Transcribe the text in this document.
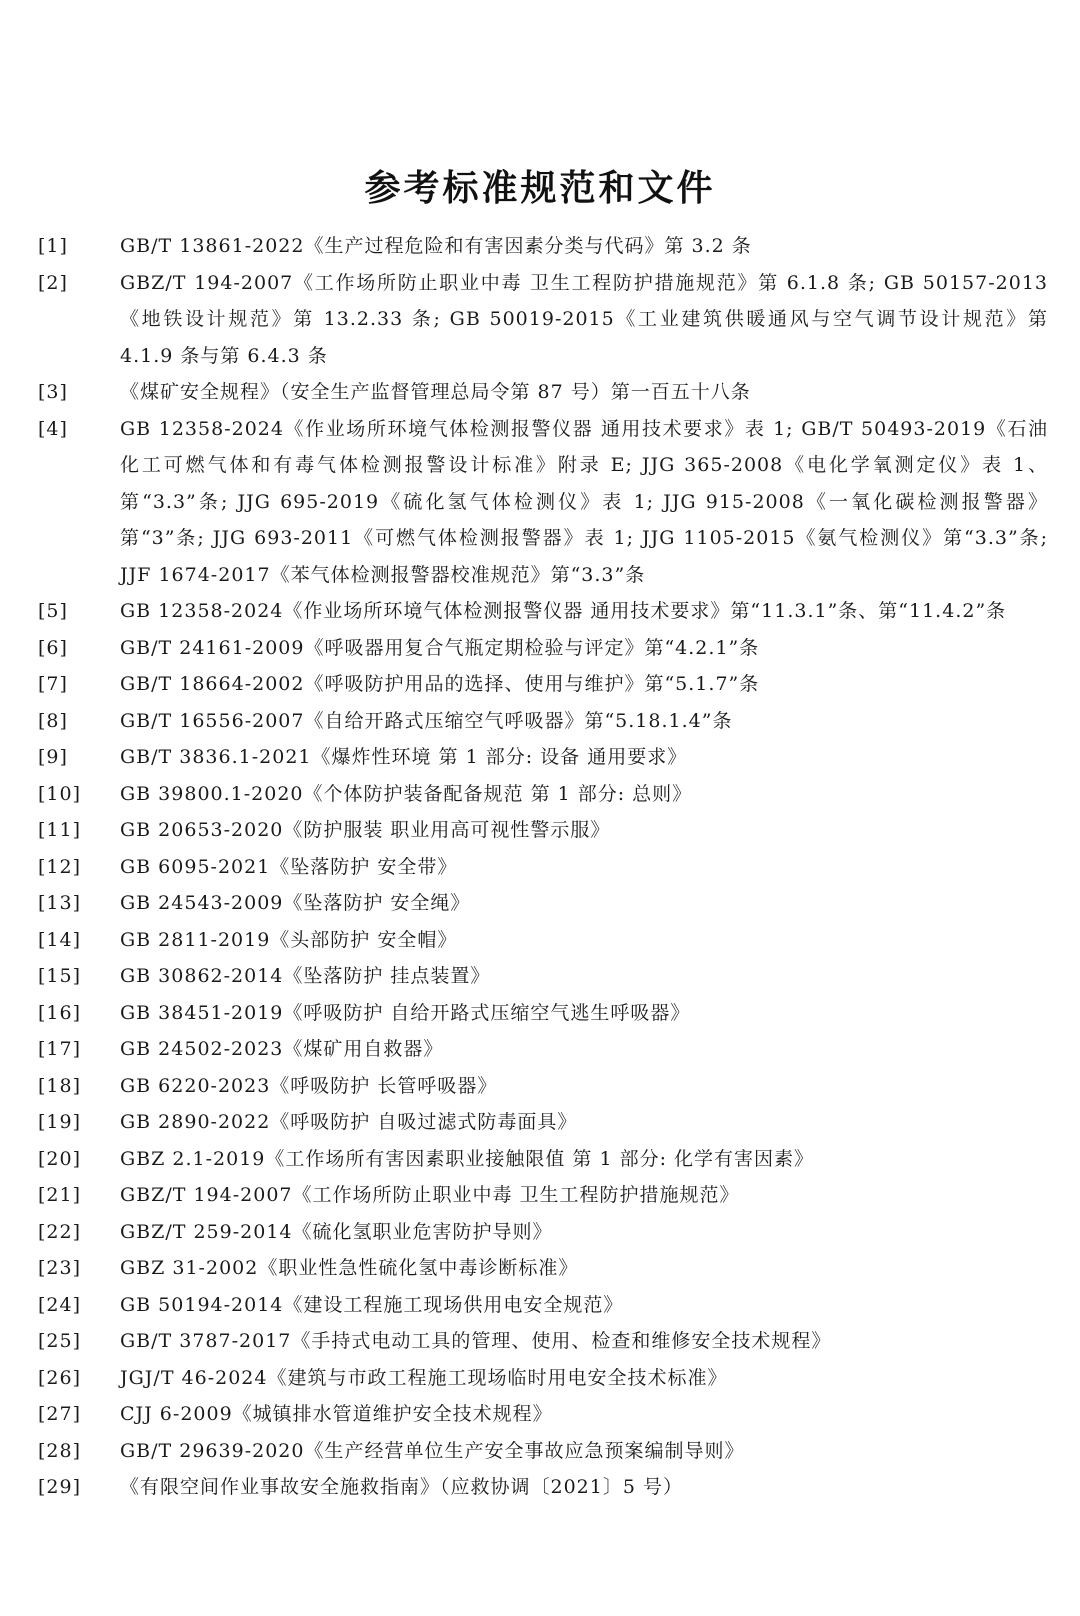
参考标准规范和文件
[1]	GB/T 13861-2022《生产过程危险和有害因素分类与代码》第 3.2 条
[2]	GBZ/T 194-2007《工作场所防止职业中毒 卫生工程防护措施规范》第 6.1.8 条; GB 50157-2013《地铁设计规范》第 13.2.33 条; GB 50019-2015《工业建筑供暖通风与空气调节设计规范》第 4.1.9 条与第 6.4.3 条
[3]	《煤矿安全规程》（安全生产监督管理总局令第 87 号）第一百五十八条
[4]	GB 12358-2024《作业场所环境气体检测报警仪器 通用技术要求》表 1; GB/T 50493-2019《石油化工可燃气体和有毒气体检测报警设计标准》附录 E; JJG 365-2008《电化学氧测定仪》表 1、第“3.3”条; JJG 695-2019《硫化氢气体检测仪》表 1; JJG 915-2008《一氧化碳检测报警器》第“3”条; JJG 693-2011《可燃气体检测报警器》表 1; JJG 1105-2015《氨气检测仪》第“3.3”条; JJF 1674-2017《苯气体检测报警器校准规范》第“3.3”条
[5]	GB 12358-2024《作业场所环境气体检测报警仪器 通用技术要求》第“11.3.1”条、第“11.4.2”条
[6]	GB/T 24161-2009《呼吸器用复合气瓶定期检验与评定》第“4.2.1”条
[7]	GB/T 18664-2002《呼吸防护用品的选择、使用与维护》第“5.1.7”条
[8]	GB/T 16556-2007《自给开路式压缩空气呼吸器》第“5.18.1.4”条
[9]	GB/T 3836.1-2021《爆炸性环境 第 1 部分: 设备 通用要求》
[10]	GB 39800.1-2020《个体防护装备配备规范 第 1 部分: 总则》
[11]	GB 20653-2020《防护服装 职业用高可视性警示服》
[12]	GB 6095-2021《坠落防护 安全带》
[13]	GB 24543-2009《坠落防护 安全绳》
[14]	GB 2811-2019《头部防护 安全帽》
[15]	GB 30862-2014《坠落防护 挂点装置》
[16]	GB 38451-2019《呼吸防护 自给开路式压缩空气逃生呼吸器》
[17]	GB 24502-2023《煤矿用自救器》
[18]	GB 6220-2023《呼吸防护 长管呼吸器》
[19]	GB 2890-2022《呼吸防护 自吸过滤式防毒面具》
[20]	GBZ 2.1-2019《工作场所有害因素职业接触限值 第 1 部分: 化学有害因素》
[21]	GBZ/T 194-2007《工作场所防止职业中毒 卫生工程防护措施规范》
[22]	GBZ/T 259-2014《硫化氢职业危害防护导则》
[23]	GBZ 31-2002《职业性急性硫化氢中毒诊断标准》
[24]	GB 50194-2014《建设工程施工现场供用电安全规范》
[25]	GB/T 3787-2017《手持式电动工具的管理、使用、检查和维修安全技术规程》
[26]	JGJ/T 46-2024《建筑与市政工程施工现场临时用电安全技术标准》
[27]	CJJ 6-2009《城镇排水管道维护安全技术规程》
[28]	GB/T 29639-2020《生产经营单位生产安全事故应急预案编制导则》
[29]	《有限空间作业事故安全施救指南》（应救协调〔2021〕5 号）
